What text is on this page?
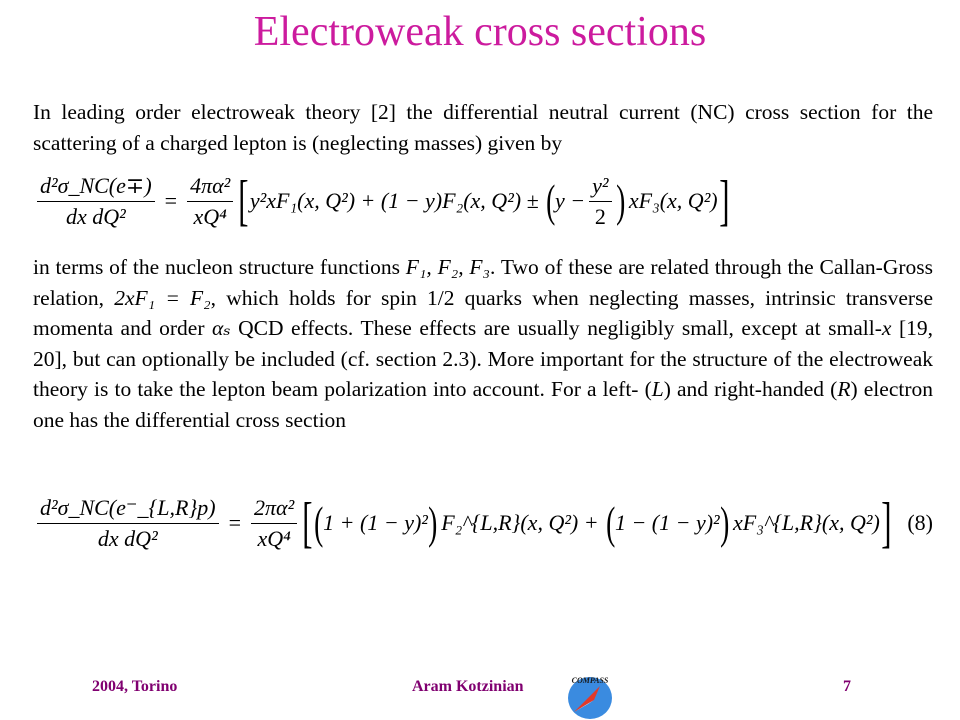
Electroweak cross sections
In leading order electroweak theory [2] the differential neutral current (NC) cross section for the scattering of a charged lepton is (neglecting masses) given by
$\frac{\text{d²σ\_NC(e∓)}}{\text{dx dQ²}} = \frac{\text{4πα²}}{\text{xQ⁴}}$ [ y²xF₁(x, Q²) + (1 − y)F₂(x, Q²) ± ( $y - \frac{\text{y²}}{2}$ ) xF₃(x, Q²) ]
in terms of the nucleon structure functions F₁, F₂, F₃. Two of these are related through the Callan-Gross relation, 2xF₁ = F₂, which holds for spin 1/2 quarks when neglecting masses, intrinsic transverse momenta and order αₛ QCD effects. These effects are usually negligibly small, except at small-x [19, 20], but can optionally be included (cf. section 2.3). More important for the structure of the electroweak theory is to take the lepton beam polarization into account. For a left- (L) and right-handed (R) electron one has the differential cross section
$\frac{\text{d²σ\_NC(e⁻\_\{L,R\}p)}}{\text{dx dQ²}} = \frac{\text{2πα²}}{\text{xQ⁴}}$ [ ( 1 + (1 − y)² ) F₂^{L,R}(x, Q²) + ( 1 − (1 − y)² ) xF₃^{L,R}(x, Q²) ] (8)
2004, Torino	Aram Kotzinian	7
COMPASS
